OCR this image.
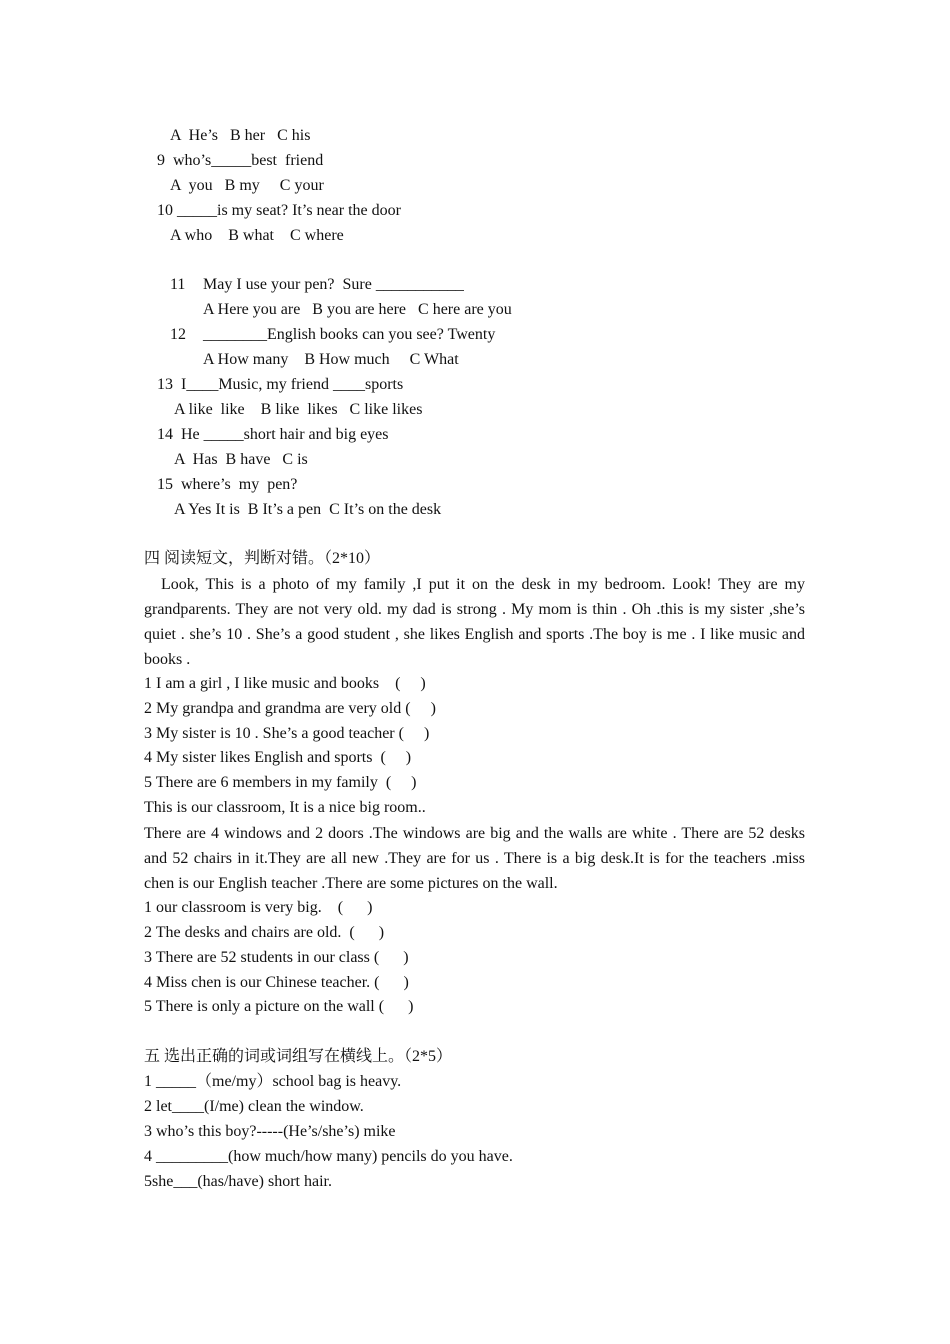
A  He’s   B her   C his
9  who’s_____best  friend
A  you   B my     C your
10 _____is my seat? It’s near the door
A who    B what    C where
11 May I use your pen?  Sure ___________
A Here you are   B you are here   C here are you
12 ________English books can you see? Twenty
A How many    B How much     C What
13  I____Music, my friend ____sports
A like  like    B like  likes   C like likes
14  He _____short hair and big eyes
A  Has  B have   C is
15  where’s  my  pen?
A Yes It is  B It’s a pen  C It’s on the desk
四 阅读短文，判断对错。（2*10）
Look, This is a photo of my family ,I put it on the desk in my bedroom. Look! They are my grandparents. They are not very old. my dad is strong . My mom is thin . Oh .this is my sister ,she’s quiet . she’s 10 . She’s a good student , she likes English and sports .The boy is me . I like music and books .
1 I am a girl , I like music and books    (     )
2 My grandpa and grandma are very old (     )
3 My sister is 10 . She’s a good teacher (     )
4 My sister likes English and sports  (     )
5 There are 6 members in my family  (     )
This is our classroom, It is a nice big room..
There are 4 windows and 2 doors .The windows are big and the walls are white . There are 52 desks and 52 chairs in it.They are all new .They are for us . There is a big desk.It is for the teachers .miss chen is our English teacher .There are some pictures on the wall.
1 our classroom is very big.    (      )
2 The desks and chairs are old.  (      )
3 There are 52 students in our class (      )
4 Miss chen is our Chinese teacher. (      )
5 There is only a picture on the wall (      )
五 选出正确的词或词组写在横线上。（2*5）
1 _____（me/my）school bag is heavy.
2 let____(I/me) clean the window.
3 who’s this boy?-----(He’s/she’s) mike
4 _________(how much/how many) pencils do you have.
5she___(has/have) short hair.
